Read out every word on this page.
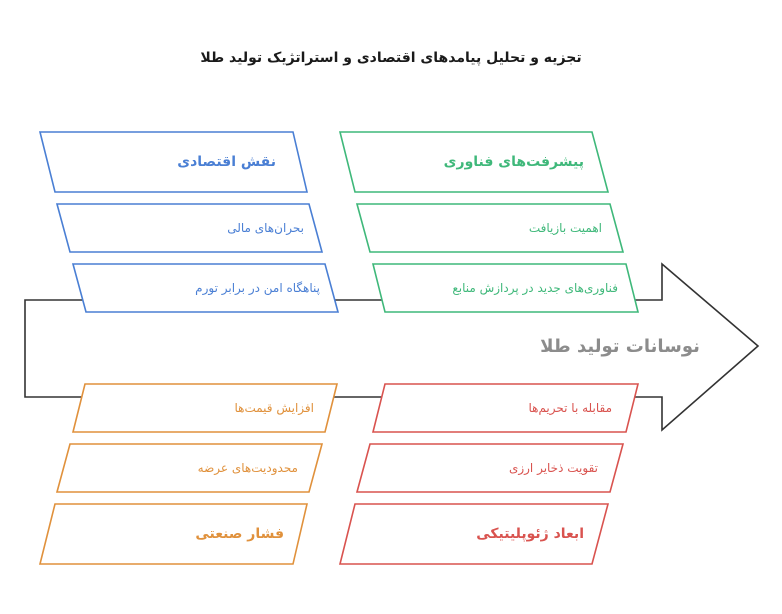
تجزیه و تحلیل پیامدهای اقتصادی و استراتژیک تولید طلا
نوسانات تولید طلا
نقش اقتصادی
بحران‌های مالی
پناهگاه امن در برابر تورم
پیشرفت‌های فناوری
اهمیت بازیافت
فناوری‌های جدید در پردازش منابع
افزایش قیمت‌ها
محدودیت‌های عرضه
فشار صنعتی
مقابله با تحریم‌ها
تقویت ذخایر ارزی
ابعاد ژئوپلیتیکی
